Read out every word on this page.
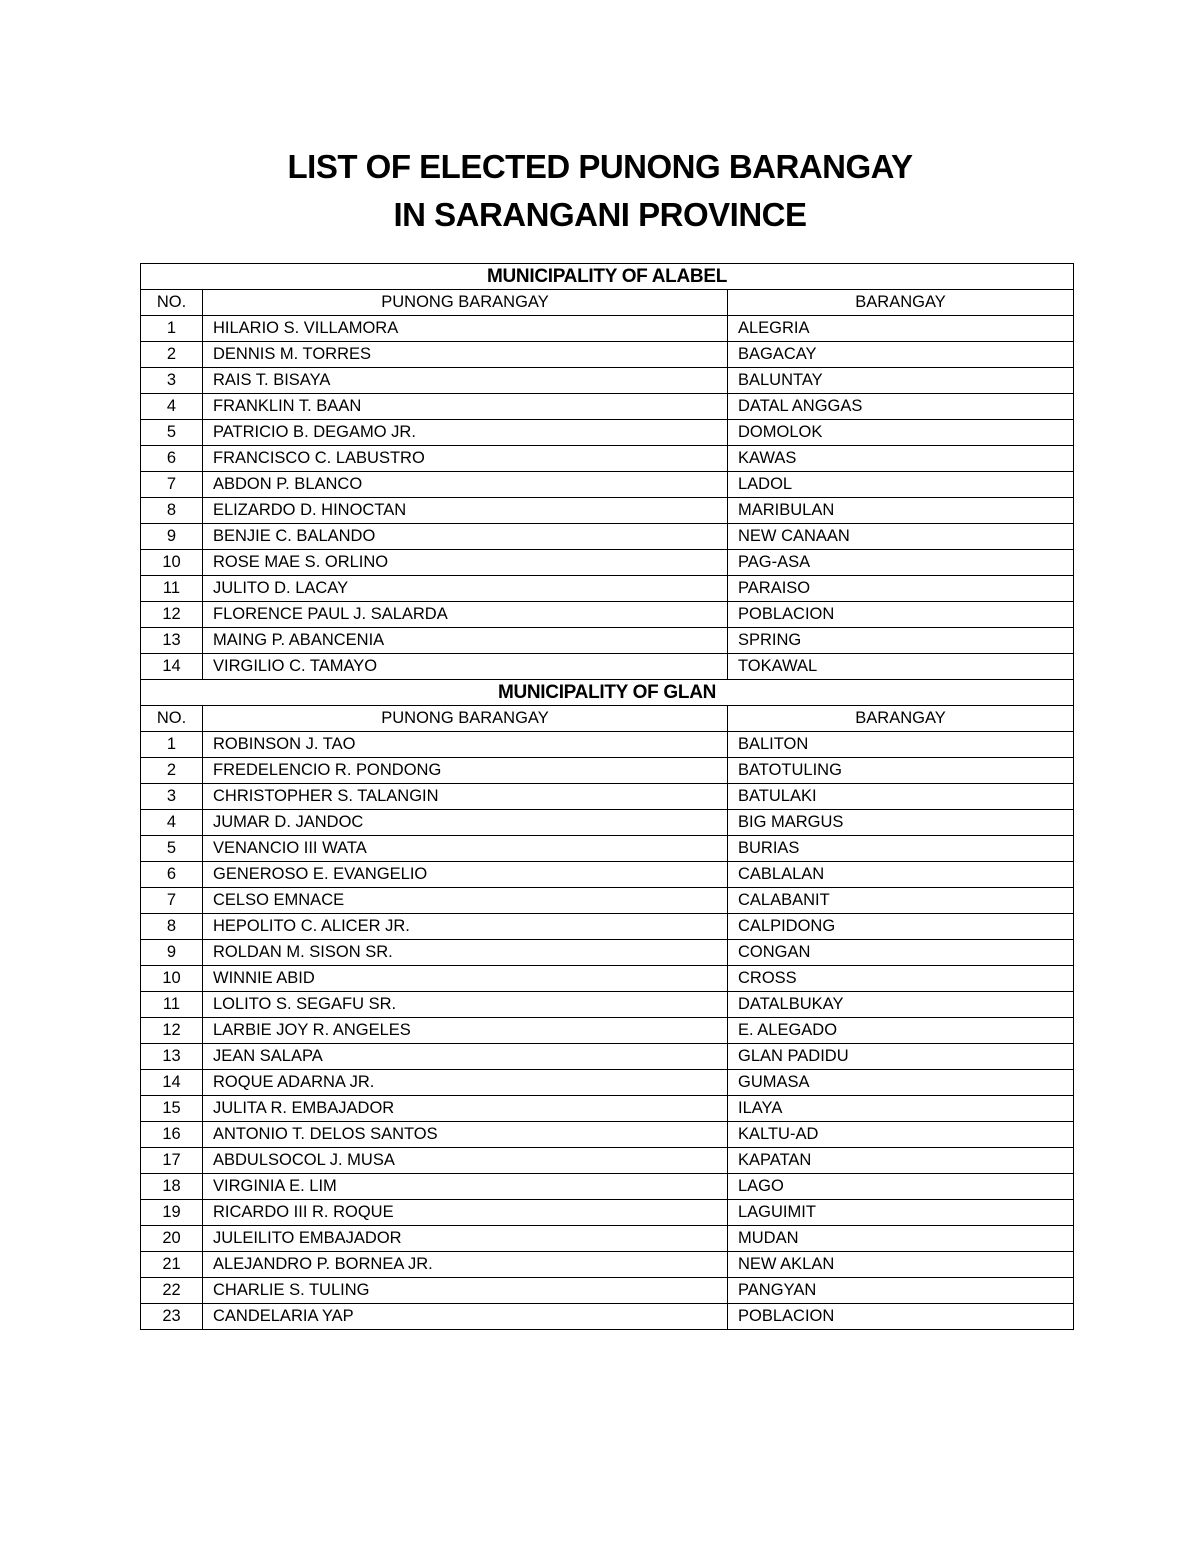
LIST OF ELECTED PUNONG BARANGAY
IN SARANGANI PROVINCE
MUNICIPALITY OF ALABEL		
NO.	PUNONG BARANGAY	BARANGAY
1	HILARIO S. VILLAMORA	ALEGRIA
2	DENNIS M. TORRES	BAGACAY
3	RAIS T. BISAYA	BALUNTAY
4	FRANKLIN T. BAAN	DATAL ANGGAS
5	PATRICIO B. DEGAMO JR.	DOMOLOK
6	FRANCISCO C. LABUSTRO	KAWAS
7	ABDON P. BLANCO	LADOL
8	ELIZARDO D. HINOCTAN	MARIBULAN
9	BENJIE C. BALANDO	NEW CANAAN
10	ROSE MAE S. ORLINO	PAG-ASA
11	JULITO D. LACAY	PARAISO
12	FLORENCE PAUL J. SALARDA	POBLACION
13	MAING P. ABANCENIA	SPRING
14	VIRGILIO C. TAMAYO	TOKAWAL
MUNICIPALITY OF GLAN		
NO.	PUNONG BARANGAY	BARANGAY
1	ROBINSON J. TAO	BALITON
2	FREDELENCIO R. PONDONG	BATOTULING
3	CHRISTOPHER S. TALANGIN	BATULAKI
4	JUMAR D. JANDOC	BIG MARGUS
5	VENANCIO III WATA	BURIAS
6	GENEROSO E. EVANGELIO	CABLALAN
7	CELSO EMNACE	CALABANIT
8	HEPOLITO C. ALICER JR.	CALPIDONG
9	ROLDAN M. SISON SR.	CONGAN
10	WINNIE ABID	CROSS
11	LOLITO S. SEGAFU SR.	DATALBUKAY
12	LARBIE JOY R. ANGELES	E. ALEGADO
13	JEAN SALAPA	GLAN PADIDU
14	ROQUE ADARNA JR.	GUMASA
15	JULITA R. EMBAJADOR	ILAYA
16	ANTONIO T. DELOS SANTOS	KALTU-AD
17	ABDULSOCOL J. MUSA	KAPATAN
18	VIRGINIA E. LIM	LAGO
19	RICARDO III R. ROQUE	LAGUIMIT
20	JULEILITO EMBAJADOR	MUDAN
21	ALEJANDRO P. BORNEA JR.	NEW AKLAN
22	CHARLIE S. TULING	PANGYAN
23	CANDELARIA YAP	POBLACION
